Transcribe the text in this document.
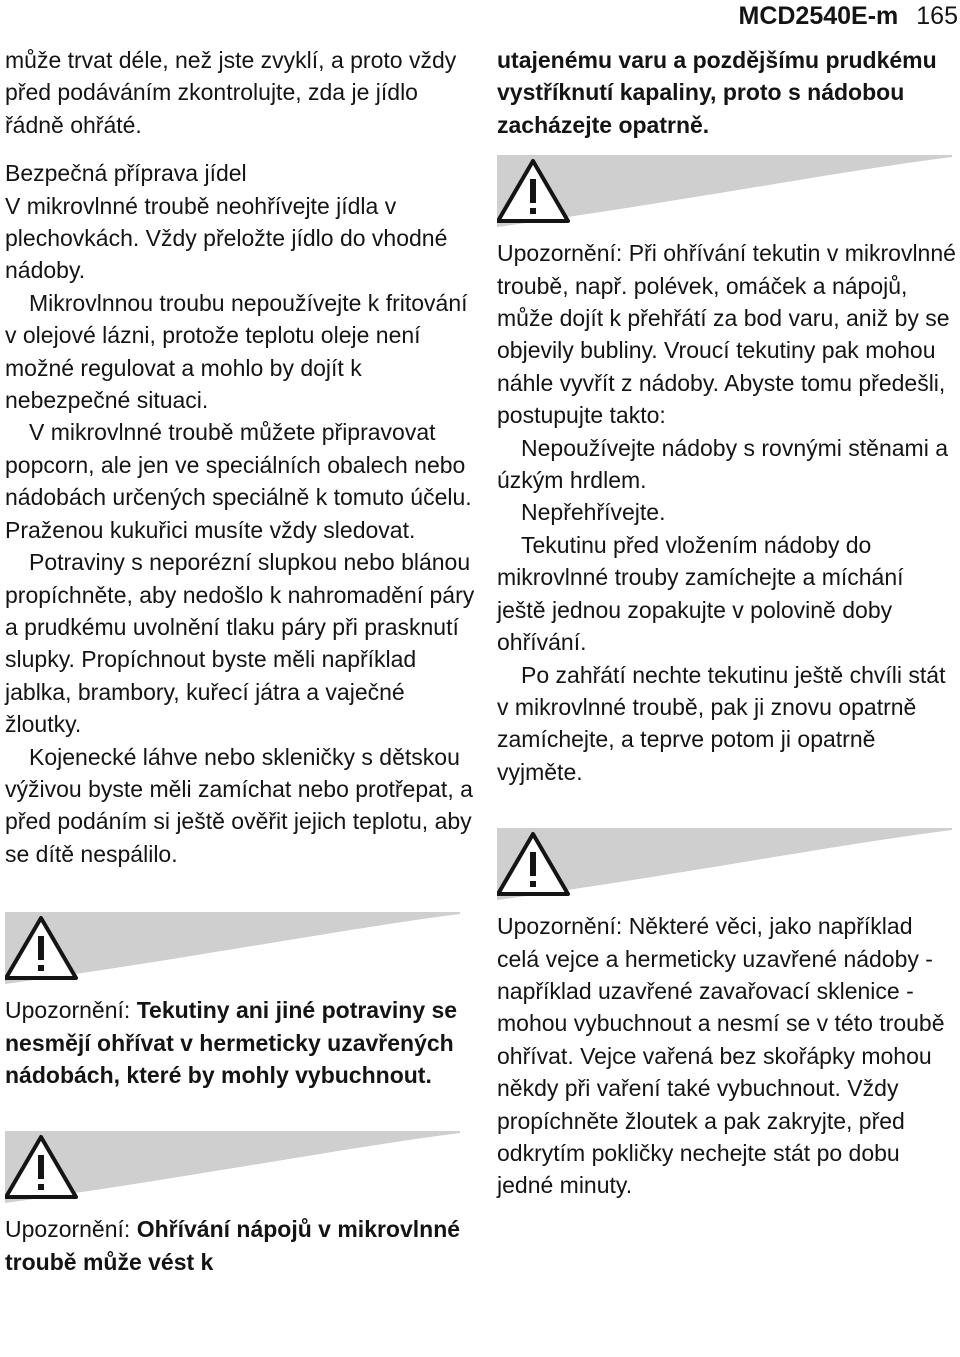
MCD2540E-m 165

může trvat déle, než jste zvyklí, a proto vždy před podáváním zkontrolujte, zda je jídlo řádně ohřáté.

Bezpečná příprava jídel

V mikrovlnné troubě neohřívejte jídla v plechovkách. Vždy přeložte jídlo do vhodné nádoby.

Mikrovlnnou troubu nepoužívejte k fritování v olejové lázni, protože teplotu oleje není možné regulovat a mohlo by dojít k nebezpečné situaci.

V mikrovlnné troubě můžete připravovat popcorn, ale jen ve speciálních obalech nebo nádobách určených speciálně k tomuto účelu. Praženou kukuřici musíte vždy sledovat.

Potraviny s neporézní slupkou nebo blánou propíchněte, aby nedošlo k nahromadění páry a prudkému uvolnění tlaku páry při prasknutí slupky. Propíchnout byste měli například jablka, brambory, kuřecí játra a vaječné žloutky.

Kojenecké láhve nebo skleničky s dětskou výživou byste měli zamíchat nebo protřepat, a před podáním si ještě ověřit jejich teplotu, aby se dítě nespálilo.

Upozornění: Tekutiny ani jiné potraviny se nesmějí ohřívat v hermeticky uzavřených nádobách, které by mohly vybuchnout.

Upozornění: Ohřívání nápojů v mikrovlnné troubě může vést k

utajenému varu a pozdějšímu prudkému vystříknutí kapaliny, proto s nádobou zacházejte opatrně.

Upozornění: Při ohřívání tekutin v mikrovlnné troubě, např. polévek, omáček a nápojů, může dojít k přehřátí za bod varu, aniž by se objevily bubliny. Vroucí tekutiny pak mohou náhle vyvřít z nádoby. Abyste tomu předešli, postupujte takto:

Nepoužívejte nádoby s rovnými stěnami a úzkým hrdlem.

Nepřehřívejte.

Tekutinu před vložením nádoby do mikrovlnné trouby zamíchejte a míchání ještě jednou zopakujte v polovině doby ohřívání.

Po zahřátí nechte tekutinu ještě chvíli stát v mikrovlnné troubě, pak ji znovu opatrně zamíchejte, a teprve potom ji opatrně vyjměte.

Upozornění: Některé věci, jako například celá vejce a hermeticky uzavřené nádoby - například uzavřené zavařovací sklenice - mohou vybuchnout a nesmí se v této troubě ohřívat. Vejce vařená bez skořápky mohou někdy při vaření také vybuchnout. Vždy propíchněte žloutek a pak zakryjte, před odkrytím pokličky nechejte stát po dobu jedné minuty.
